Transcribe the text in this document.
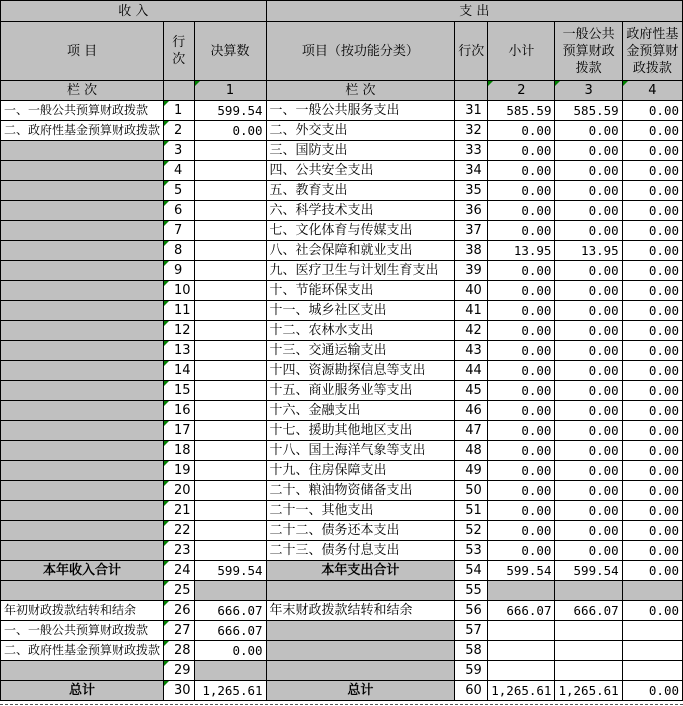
收 入			支 出				
项 目	行次	决算数	项目（按功能分类）	行次	小计	一般公共预算财政拨款	政府性基金预算财政拨款
栏 次		1	栏 次		2	3	4
一、一般公共预算财政拨款	1	599.54	一、一般公共服务支出	31	585.59	585.59	0.00
二、政府性基金预算财政拨款	2	0.00	二、外交支出	32	0.00	0.00	0.00
	3		三、国防支出	33	0.00	0.00	0.00
	4		四、公共安全支出	34	0.00	0.00	0.00
	5		五、教育支出	35	0.00	0.00	0.00
	6		六、科学技术支出	36	0.00	0.00	0.00
	7		七、文化体育与传媒支出	37	0.00	0.00	0.00
	8		八、社会保障和就业支出	38	13.95	13.95	0.00
	9		九、医疗卫生与计划生育支出	39	0.00	0.00	0.00
	10		十、节能环保支出	40	0.00	0.00	0.00
	11		十一、城乡社区支出	41	0.00	0.00	0.00
	12		十二、农林水支出	42	0.00	0.00	0.00
	13		十三、交通运输支出	43	0.00	0.00	0.00
	14		十四、资源勘探信息等支出	44	0.00	0.00	0.00
	15		十五、商业服务业等支出	45	0.00	0.00	0.00
	16		十六、金融支出	46	0.00	0.00	0.00
	17		十七、援助其他地区支出	47	0.00	0.00	0.00
	18		十八、国土海洋气象等支出	48	0.00	0.00	0.00
	19		十九、住房保障支出	49	0.00	0.00	0.00
	20		二十、粮油物资储备支出	50	0.00	0.00	0.00
	21		二十一、其他支出	51	0.00	0.00	0.00
	22		二十二、债务还本支出	52	0.00	0.00	0.00
	23		二十三、债务付息支出	53	0.00	0.00	0.00
本年收入合计	24	599.54	本年支出合计	54	599.54	599.54	0.00
	25			55			
年初财政拨款结转和结余	26	666.07	年末财政拨款结转和结余	56	666.07	666.07	0.00
一、一般公共预算财政拨款	27	666.07		57			
二、政府性基金预算财政拨款	28	0.00		58			
	29			59			
总计	30	1,265.61	总计	60	1,265.61	1,265.61	0.00
